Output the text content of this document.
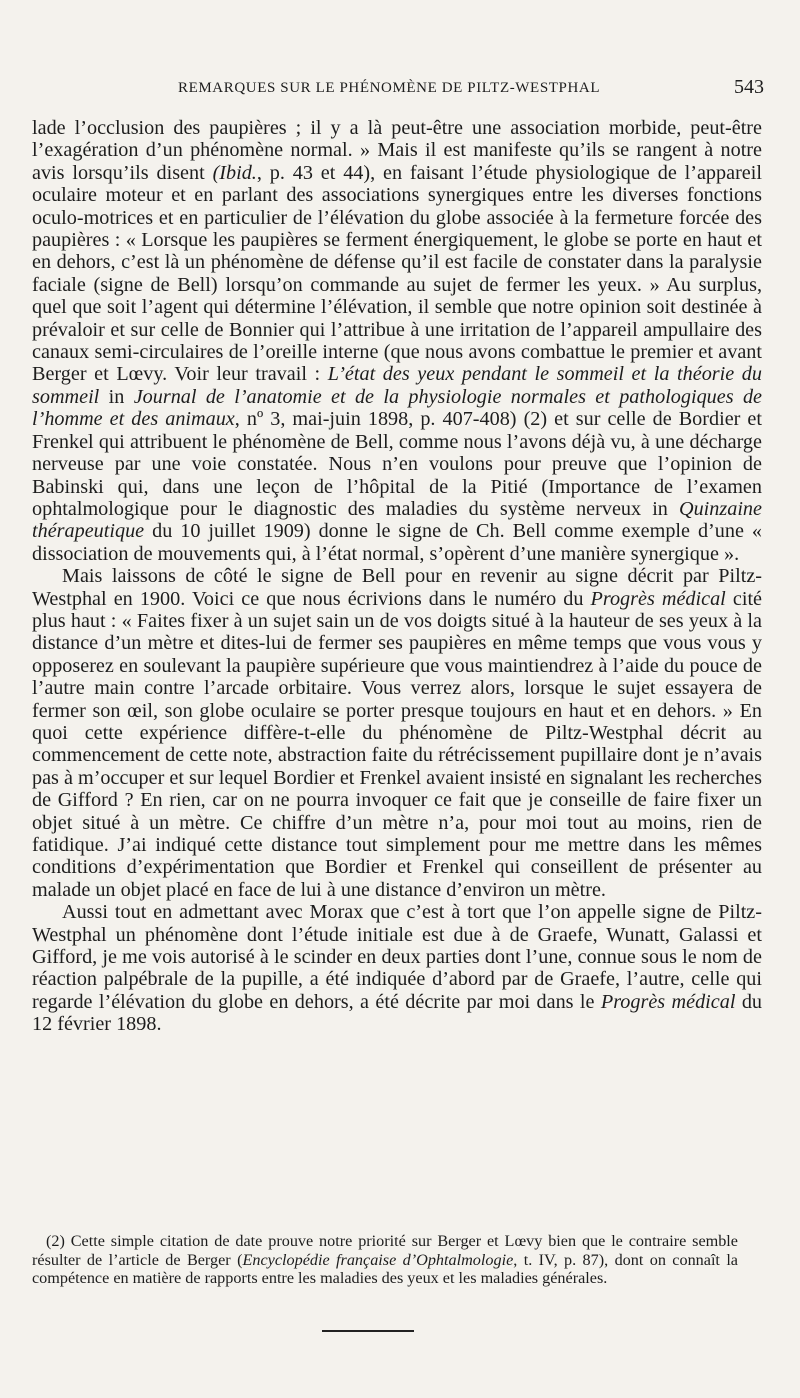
REMARQUES SUR LE PHÉNOMÈNE DE PILTZ-WESTPHAL	543

lade l’occlusion des paupières ; il y a là peut-être une association morbide, peut-être l’exagération d’un phénomène normal. » Mais il est manifeste qu’ils se rangent à notre avis lorsqu’ils disent (Ibid., p. 43 et 44), en faisant l’étude physiologique de l’appareil oculaire moteur et en parlant des associations synergiques entre les diverses fonctions oculo-motrices et en particulier de l’élévation du globe associée à la fermeture forcée des paupières : « Lorsque les paupières se ferment énergiquement, le globe se porte en haut et en dehors, c’est là un phénomène de défense qu’il est facile de constater dans la paralysie faciale (signe de Bell) lorsqu’on commande au sujet de fermer les yeux. » Au surplus, quel que soit l’agent qui détermine l’élévation, il semble que notre opinion soit destinée à prévaloir et sur celle de Bonnier qui l’attribue à une irritation de l’appareil ampullaire des canaux semi-circulaires de l’oreille interne (que nous avons combattue le premier et avant Berger et Lœvy. Voir leur travail : L’état des yeux pendant le sommeil et la théorie du sommeil in Journal de l’anatomie et de la physiologie normales et pathologiques de l’homme et des animaux, nº 3, mai-juin 1898, p. 407-408) (2) et sur celle de Bordier et Frenkel qui attribuent le phénomène de Bell, comme nous l’avons déjà vu, à une décharge nerveuse par une voie constatée. Nous n’en voulons pour preuve que l’opinion de Babinski qui, dans une leçon de l’hôpital de la Pitié (Importance de l’examen ophtalmologique pour le diagnostic des maladies du système nerveux in Quinzaine thérapeutique du 10 juillet 1909) donne le signe de Ch. Bell comme exemple d’une « dissociation de mouvements qui, à l’état normal, s’opèrent d’une manière synergique ».

Mais laissons de côté le signe de Bell pour en revenir au signe décrit par Piltz-Westphal en 1900. Voici ce que nous écrivions dans le numéro du Progrès médical cité plus haut : « Faites fixer à un sujet sain un de vos doigts situé à la hauteur de ses yeux à la distance d’un mètre et dites-lui de fermer ses paupières en même temps que vous vous y opposerez en soulevant la paupière supérieure que vous maintiendrez à l’aide du pouce de l’autre main contre l’arcade orbitaire. Vous verrez alors, lorsque le sujet essayera de fermer son œil, son globe oculaire se porter presque toujours en haut et en dehors. » En quoi cette expérience diffère-t-elle du phénomène de Piltz-Westphal décrit au commencement de cette note, abstraction faite du rétrécissement pupillaire dont je n’avais pas à m’occuper et sur lequel Bordier et Frenkel avaient insisté en signalant les recherches de Gifford ? En rien, car on ne pourra invoquer ce fait que je conseille de faire fixer un objet situé à un mètre. Ce chiffre d’un mètre n’a, pour moi tout au moins, rien de fatidique. J’ai indiqué cette distance tout simplement pour me mettre dans les mêmes conditions d’expérimentation que Bordier et Frenkel qui conseillent de présenter au malade un objet placé en face de lui à une distance d’environ un mètre.

Aussi tout en admettant avec Morax que c’est à tort que l’on appelle signe de Piltz-Westphal un phénomène dont l’étude initiale est due à de Graefe, Wunatt, Galassi et Gifford, je me vois autorisé à le scinder en deux parties dont l’une, connue sous le nom de réaction palpébrale de la pupille, a été indiquée d’abord par de Graefe, l’autre, celle qui regarde l’élévation du globe en dehors, a été décrite par moi dans le Progrès médical du 12 février 1898.

(2) Cette simple citation de date prouve notre priorité sur Berger et Lœvy bien que le contraire semble résulter de l’article de Berger (Encyclopédie française d’Ophtalmologie, t. IV, p. 87), dont on connaît la compétence en matière de rapports entre les maladies des yeux et les maladies générales.
